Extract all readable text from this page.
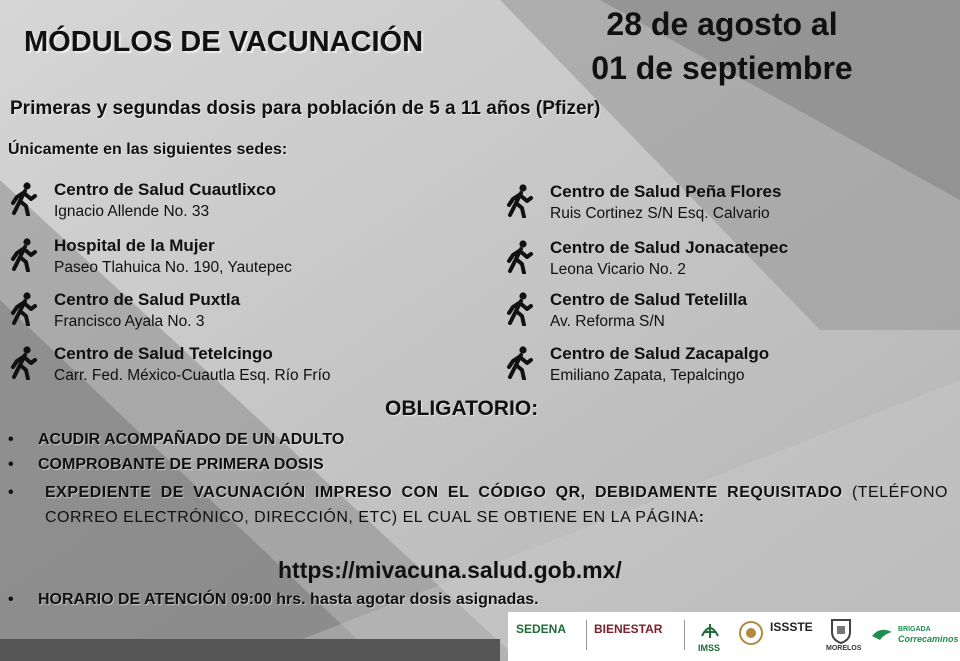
MÓDULOS DE VACUNACIÓN	28 de agosto al
01 de septiembre
Primeras y segundas dosis para población de 5 a 11 años (Pfizer)
Únicamente en las siguientes sedes:
Centro de Salud Cuautlixco
Ignacio Allende No. 33
Hospital de la Mujer
Paseo Tlahuica No. 190, Yautepec
Centro de Salud Puxtla
Francisco Ayala No. 3
Centro de Salud Tetelcingo
Carr. Fed. México-Cuautla Esq. Río Frío
Centro de Salud Peña Flores
Ruis Cortinez S/N Esq. Calvario
Centro de Salud Jonacatepec
Leona Vicario No. 2
Centro de Salud Tetelilla
Av. Reforma S/N
Centro de Salud Zacapalgo
Emiliano Zapata, Tepalcingo
OBLIGATORIO:
• ACUDIR ACOMPAÑADO DE UN ADULTO
• COMPROBANTE DE PRIMERA DOSIS
• EXPEDIENTE DE VACUNACIÓN IMPRESO CON EL CÓDIGO QR, DEBIDAMENTE REQUISITADO (TELÉFONO CORREO ELECTRÓNICO, DIRECCIÓN, ETC) EL CUAL SE OBTIENE EN LA PÁGINA:
https://mivacuna.salud.gob.mx/
• HORARIO DE ATENCIÓN 09:00 hrs. hasta agotar dosis asignadas.
SEDENA BIENESTAR
IMSS
ISSSTE
MORELOS
BRIGADA
Correcaminos
